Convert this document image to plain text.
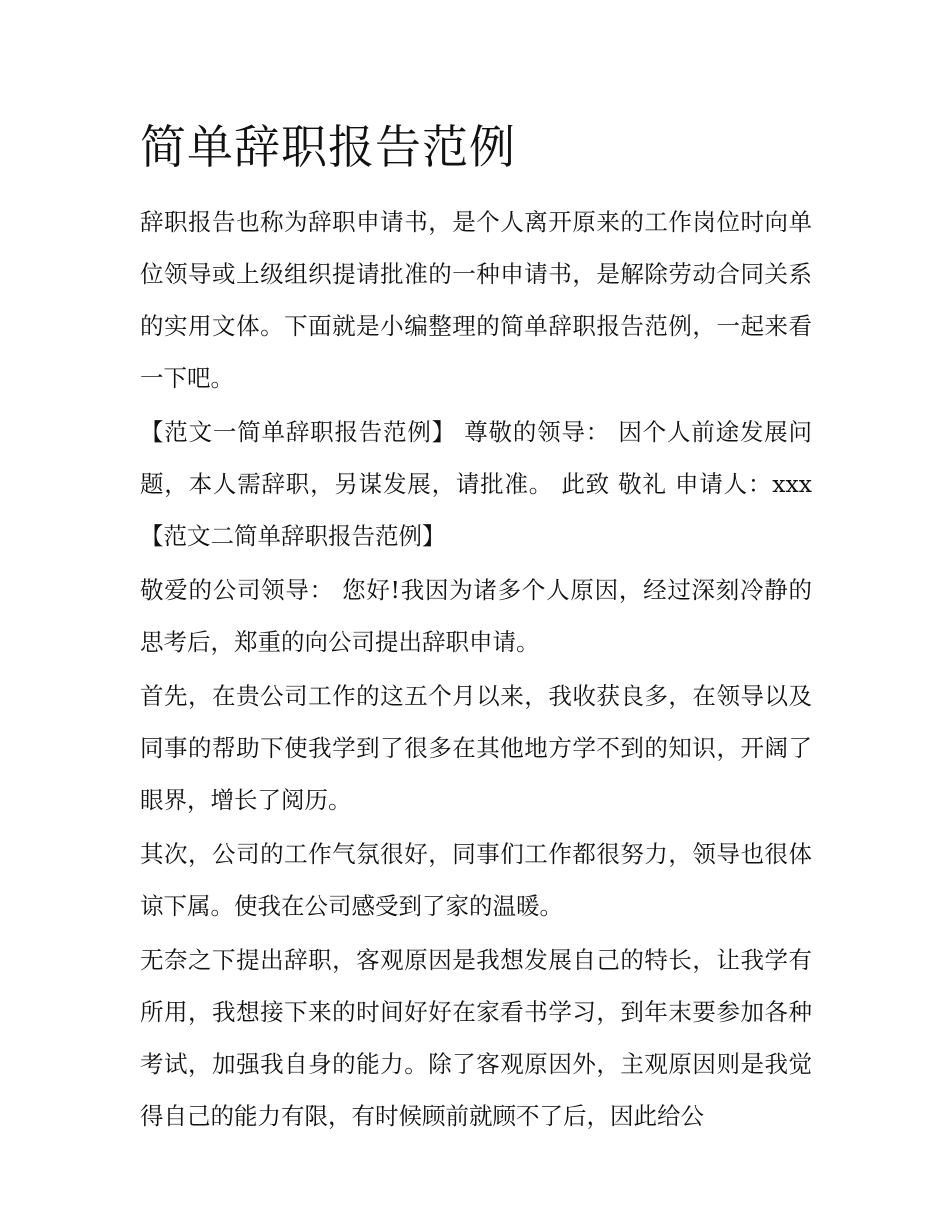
简单辞职报告范例

辞职报告也称为辞职申请书，是个人离开原来的工作岗位时向单位领导或上级组织提请批准的一种申请书，是解除劳动合同关系的实用文体。下面就是小编整理的简单辞职报告范例，一起来看一下吧。

【范文一简单辞职报告范例】 尊敬的领导： 因个人前途发展问题，本人需辞职，另谋发展，请批准。 此致 敬礼 申请人：xxx【范文二简单辞职报告范例】

敬爱的公司领导： 您好!我因为诸多个人原因，经过深刻冷静的思考后，郑重的向公司提出辞职申请。

首先，在贵公司工作的这五个月以来，我收获良多，在领导以及同事的帮助下使我学到了很多在其他地方学不到的知识，开阔了眼界，增长了阅历。

其次，公司的工作气氛很好，同事们工作都很努力，领导也很体谅下属。使我在公司感受到了家的温暖。

无奈之下提出辞职，客观原因是我想发展自己的特长，让我学有所用，我想接下来的时间好好在家看书学习，到年末要参加各种考试，加强我自身的能力。除了客观原因外，主观原因则是我觉得自己的能力有限，有时候顾前就顾不了后，因此给公
